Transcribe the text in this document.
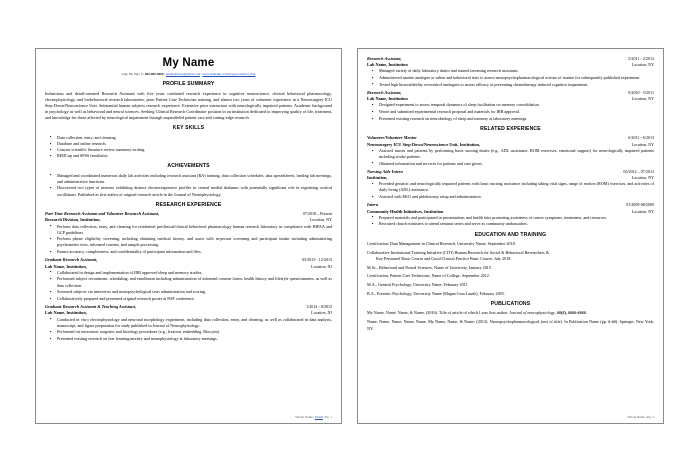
My Name
City, ST, Zip | C: 000-000-0000 | emailaddress@gmail.com | www.linkedin.com/in/personalized_link
PROFILE SUMMARY

Industrious and detail-oriented Research Assistant with five years combined research experience in cognitive neuroscience, clinical behavioral pharmacology, electrophysiology, and biobehavioral research laboratories, prior Patient Care Technician training, and almost two years of volunteer experience in a Neurosurgery ICU Step-Down/Neuroscience Unit. Substantial human subjects research experience. Extensive prior interaction with neurologically impaired patients. Academic background in psychology as well as behavioral and neural sciences. Seeking Clinical Research Coordinator position in an institution dedicated to improving quality of life, treatment, and knowledge for those affected by neurological impairment through unparalleled patient care and cutting-edge research.

KEY SKILLS
▪ Data collection, entry, and cleaning.
▪ Database and online research.
▪ Concise scientific literature review summary writing.
▪ REDCap and SPSS familiarity.
ACHIEVEMENTS
▪ Managed and coordinated numerous daily lab activities including research assistant (RA) training, data collection schedules, data spreadsheets, leading lab meetings, and administrative functions.
▪ Discovered two types of neurons exhibiting distinct electroresponsive profiles in central medial thalamus with potentially significant role in regulating cortical oscillations. Published as first author of original research article in the Journal of Neurophysiology.
RESEARCH EXPERIENCE
Part-Time Research Assistant and Volunteer Research Assistant,	07/2018 – Present
Research Division, Institution,	Location, NY
▪ Perform data collection, entry, and cleaning for residential preclinical/clinical behavioral pharmacology human research laboratory in compliance with HIPAA and GCP guidelines.
▪ Perform phone eligibility screening, including obtaining medical history, and assist with in-person screening and participant intake including administering psychometric tests, informed consent, and sample processing.
▪ Ensure accuracy, completeness, and confidentiality of participant information and files.
Graduate Research Assistant,	05/2013 - 12/2013
Lab Name, Institution,	Location, NJ
▪ Collaborated in design and implementation of IRB approved sleep and memory studies.
▪ Performed subject recruitment, scheduling, and enrollment including administration of informed consent forms, health history and lifestyle questionnaires, as well as data collection.
▪ Screened subjects via interviews and neuropsychological tests administration and scoring.
▪ Collaboratively prepared and presented original research poster at NSF conference.
Graduate Research Assistant & Teaching Assistant,	1/2014 - 8/2015
Lab Name, Institution,	Location, NJ
▪ Conducted in vitro electrophysiology and neuronal morphology experiment, including data collection, entry, and cleaning, as well as collaborated in data analysis, manuscript, and figure preparation for study published in Journal of Neurophysiology.
▪ Performed rat stereotaxic surgeries and histology procedures (e.g., fixation, embedding, Biocytin).
▪ Presented existing research on fear learning/anxiety and neurophysiology at laboratory meetings.
Whole Name | Email | Pg. 1
Research Assistant,	5/2011 - 2/2012
Lab Name, Institution	Location, NY
▪ Managed variety of daily laboratory duties and trained incoming research assistants.
▪ Administered taurine analogue or saline and behavioral tests to assess neuropsychopharmacological actions of taurine for subsequently published experiment.
▪ Tested high bioavailability resveratrol analogues to assess efficacy in preventing chemotherapy induced cognitive impairment.
Research Assistant,	9/2010 - 5/2011
Lab Name, Institution	Location, NY
▪ Designed experiment to assess temporal dynamics of sleep facilitation on memory consolidation.
▪ Wrote and submitted experimental research proposal and materials for IRB approval.
▪ Presented existing research on neurobiology of sleep and memory at laboratory meetings.
RELATED EXPERIENCE
Volunteer/Volunteer Mentor	6/2011 - 6/2013
Neurosurgery ICU Step-Down/Neuroscience Unit, Institution,	Location, NY
▪ Assisted nurses and patients by performing basic nursing duties (e.g., ADL assistance, ROM exercises, emotional support) for neurologically impaired patients including stroke patients.
▪ Obtained information and services for patients and care givers.
Nursing Aide Intern	06/2012 – 07/2012
Institution,	Location, NY
▪ Provided geriatric and neurologically impaired patients with basic nursing assistance including taking vital signs, range of motion (ROM) exercises, and activities of daily living (ADL) assistance.
▪ Assisted with EKG and phlebotomy setup and administration.
Intern	01/2009-08/2009
Community Health Initiatives, Institution	Location, NY
▪ Prepared materials and participated in presentations and health fairs promoting awareness of cancer symptoms, treatments, and resources.
▪ Recruited church ministers to attend seminar series and serve as community ambassadors.
EDUCATION AND TRAINING
Certification, Data Management in Clinical Research, University Name, September 2018.
Collaborative Institutional Training Initiative (CITI) Human Research for Social & Behavioral Researchers &
Key Personnel Basic Course and Good Clinical Practice Basic Course, July 2018.
M.Sc., Behavioral and Neural Sciences, Name of University, January 2015.
Certification, Patient Care Technician, Name of College, September 2012.
M.A., General Psychology, University Name, February 2011.
B.A., Forensic Psychology, University Name (Magna Cum Laude), February 2005.
PUBLICATIONS
My Name, Name, Name, & Name. (2016). Title of article of which I was first author. Journal of neurophysiology, ##(#), ####-####.
Name, Name, Name, Name, Name, My Name, Name, & Name. (2013). Neuropsychopharmacological (rest of title). In Publication Name (pp. #-##). Springer, New York, NY.
Whole Name | Pg. 2
